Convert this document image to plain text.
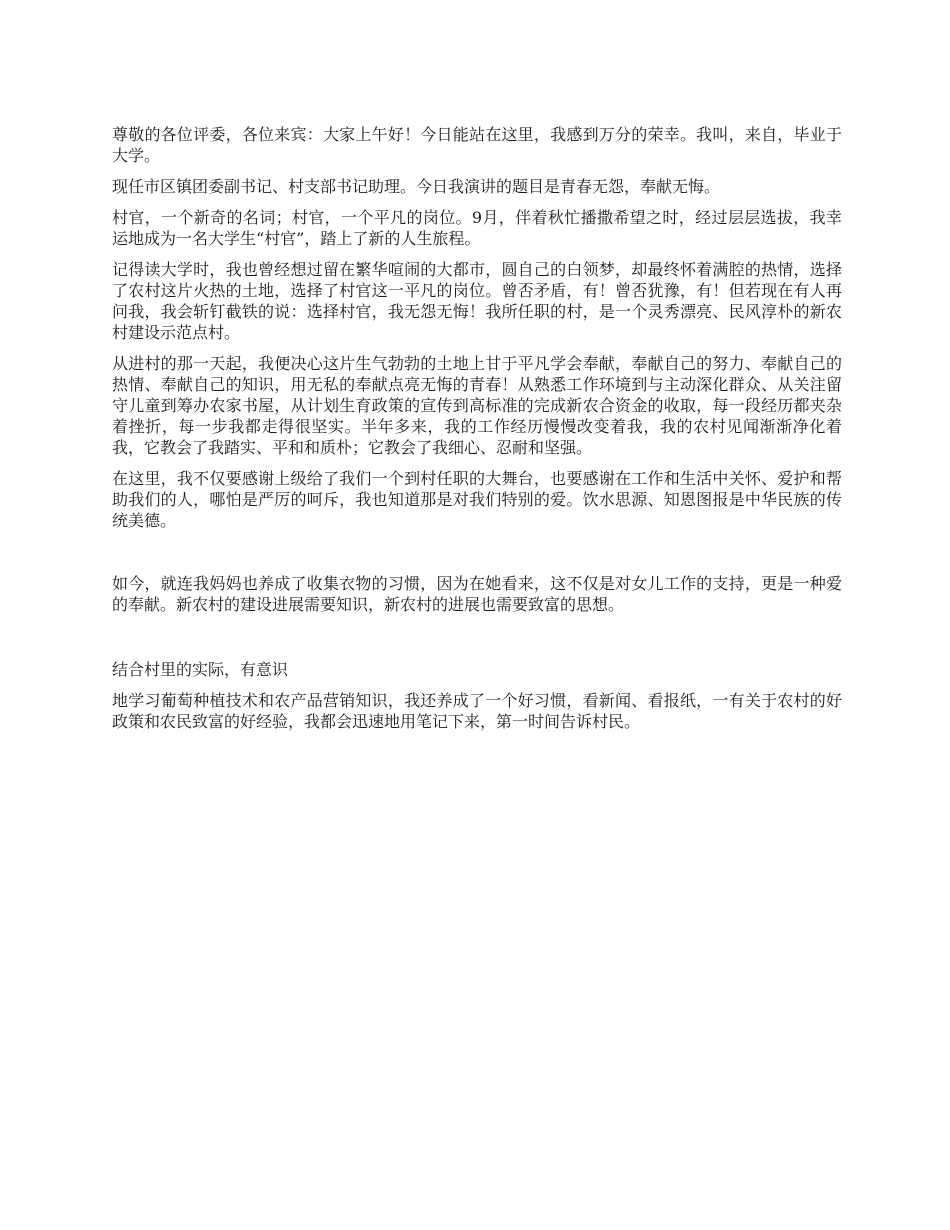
尊敬的各位评委，各位来宾：大家上午好！今日能站在这里，我感到万分的荣幸。我叫，来自，毕业于大学。

现任市区镇团委副书记、村支部书记助理。今日我演讲的题目是青春无怨，奉献无悔。

村官，一个新奇的名词；村官，一个平凡的岗位。9月，伴着秋忙播撒希望之时，经过层层选拔，我幸运地成为一名大学生“村官”，踏上了新的人生旅程。

记得读大学时，我也曾经想过留在繁华喧闹的大都市，圆自己的白领梦，却最终怀着满腔的热情，选择了农村这片火热的土地，选择了村官这一平凡的岗位。曾否矛盾，有！曾否犹豫，有！但若现在有人再问我，我会斩钉截铁的说：选择村官，我无怨无悔！我所任职的村，是一个灵秀漂亮、民风淳朴的新农村建设示范点村。

从进村的那一天起，我便决心这片生气勃勃的土地上甘于平凡学会奉献，奉献自己的努力、奉献自己的热情、奉献自己的知识，用无私的奉献点亮无悔的青春！从熟悉工作环境到与主动深化群众、从关注留守儿童到筹办农家书屋，从计划生育政策的宣传到高标准的完成新农合资金的收取，每一段经历都夹杂着挫折，每一步我都走得很坚实。半年多来，我的工作经历慢慢改变着我，我的农村见闻渐渐净化着我，它教会了我踏实、平和和质朴；它教会了我细心、忍耐和坚强。

在这里，我不仅要感谢上级给了我们一个到村任职的大舞台，也要感谢在工作和生活中关怀、爱护和帮助我们的人，哪怕是严厉的呵斥，我也知道那是对我们特别的爱。饮水思源、知恩图报是中华民族的传统美德。

如今，就连我妈妈也养成了收集衣物的习惯，因为在她看来，这不仅是对女儿工作的支持，更是一种爱的奉献。新农村的建设进展需要知识，新农村的进展也需要致富的思想。

结合村里的实际，有意识

地学习葡萄种植技术和农产品营销知识，我还养成了一个好习惯，看新闻、看报纸，一有关于农村的好政策和农民致富的好经验，我都会迅速地用笔记下来，第一时间告诉村民。
